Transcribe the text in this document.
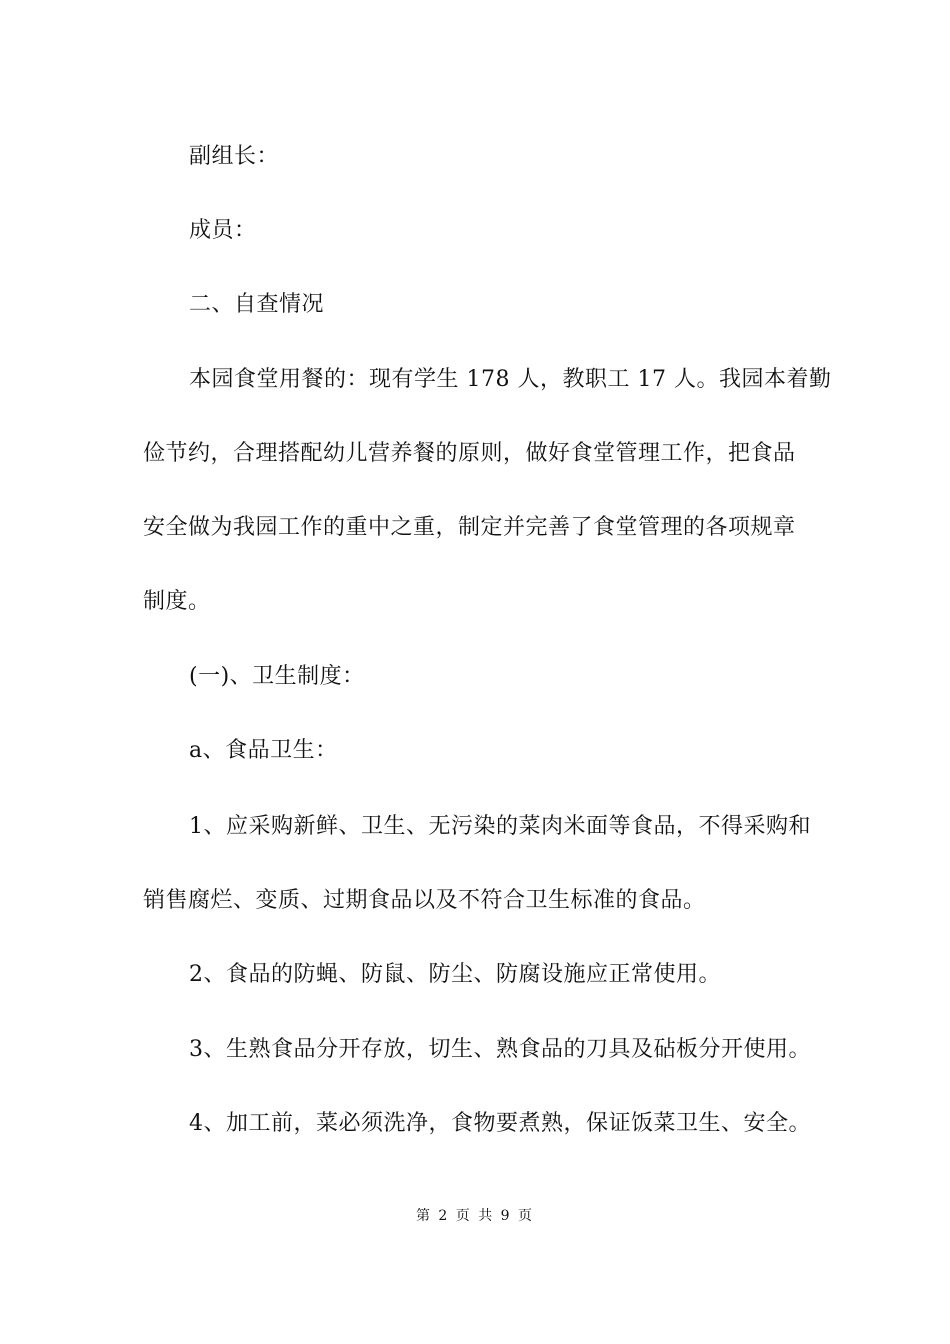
副组长：
成员：
二、自查情况
本园食堂用餐的：现有学生 178 人，教职工 17 人。我园本着勤
俭节约，合理搭配幼儿营养餐的原则，做好食堂管理工作，把食品
安全做为我园工作的重中之重，制定并完善了食堂管理的各项规章
制度。
(一)、卫生制度：
a、食品卫生：
1、应采购新鲜、卫生、无污染的菜肉米面等食品，不得采购和
销售腐烂、变质、过期食品以及不符合卫生标准的食品。
2、食品的防蝇、防鼠、防尘、防腐设施应正常使用。
3、生熟食品分开存放，切生、熟食品的刀具及砧板分开使用。
4、加工前，菜必须洗净，食物要煮熟，保证饭菜卫生、安全。
第 2 页 共 9 页
